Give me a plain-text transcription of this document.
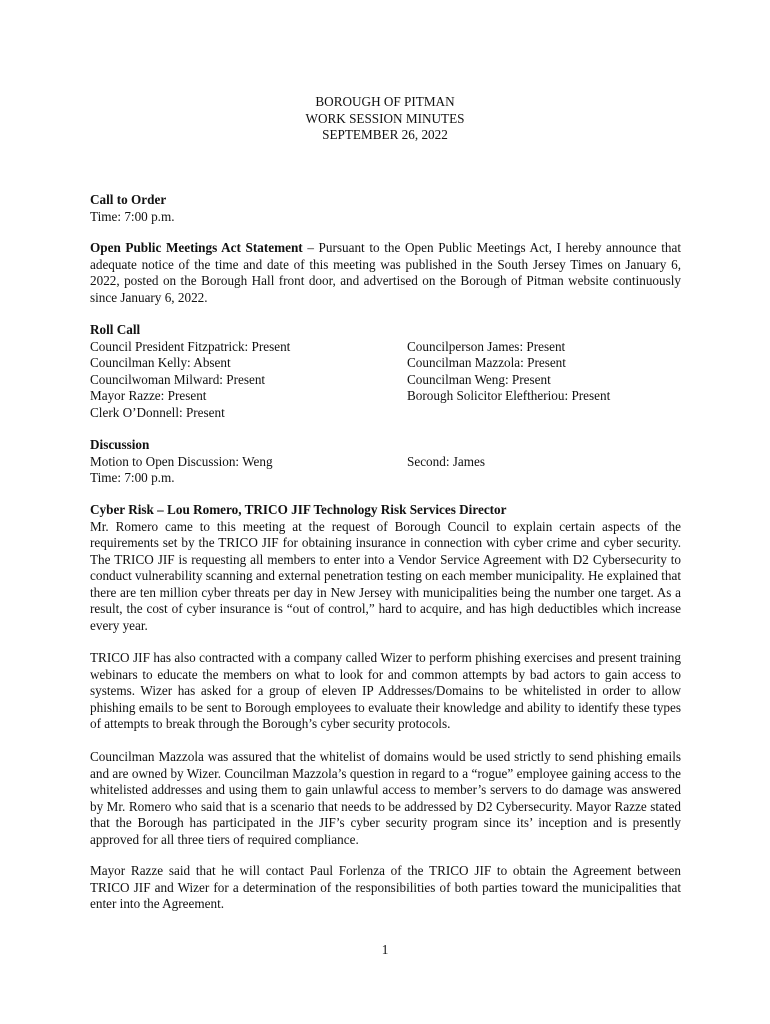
BOROUGH OF PITMAN
WORK SESSION MINUTES
SEPTEMBER 26, 2022
Call to Order
Time: 7:00 p.m.

Open Public Meetings Act Statement – Pursuant to the Open Public Meetings Act, I hereby announce that adequate notice of the time and date of this meeting was published in the South Jersey Times on January 6, 2022, posted on the Borough Hall front door, and advertised on the Borough of Pitman website continuously since January 6, 2022.

Roll Call
Council President Fitzpatrick: Present
Councilman Kelly: Absent
Councilwoman Milward: Present
Mayor Razze: Present
Clerk O’Donnell: Present
Councilperson James: Present
Councilman Mazzola: Present
Councilman Weng: Present
Borough Solicitor Eleftheriou: Present
Discussion
Motion to Open Discussion: Weng	Second: James
Time: 7:00 p.m.
Cyber Risk – Lou Romero, TRICO JIF Technology Risk Services Director

Mr. Romero came to this meeting at the request of Borough Council to explain certain aspects of the requirements set by the TRICO JIF for obtaining insurance in connection with cyber crime and cyber security. The TRICO JIF is requesting all members to enter into a Vendor Service Agreement with D2 Cybersecurity to conduct vulnerability scanning and external penetration testing on each member municipality. He explained that there are ten million cyber threats per day in New Jersey with municipalities being the number one target. As a result, the cost of cyber insurance is “out of control,” hard to acquire, and has high deductibles which increase every year.

TRICO JIF has also contracted with a company called Wizer to perform phishing exercises and present training webinars to educate the members on what to look for and common attempts by bad actors to gain access to systems. Wizer has asked for a group of eleven IP Addresses/Domains to be whitelisted in order to allow phishing emails to be sent to Borough employees to evaluate their knowledge and ability to identify these types of attempts to break through the Borough’s cyber security protocols.

Councilman Mazzola was assured that the whitelist of domains would be used strictly to send phishing emails and are owned by Wizer. Councilman Mazzola’s question in regard to a “rogue” employee gaining access to the whitelisted addresses and using them to gain unlawful access to member’s servers to do damage was answered by Mr. Romero who said that is a scenario that needs to be addressed by D2 Cybersecurity. Mayor Razze stated that the Borough has participated in the JIF’s cyber security program since its’ inception and is presently approved for all three tiers of required compliance.

Mayor Razze said that he will contact Paul Forlenza of the TRICO JIF to obtain the Agreement between TRICO JIF and Wizer for a determination of the responsibilities of both parties toward the municipalities that enter into the Agreement.

1
